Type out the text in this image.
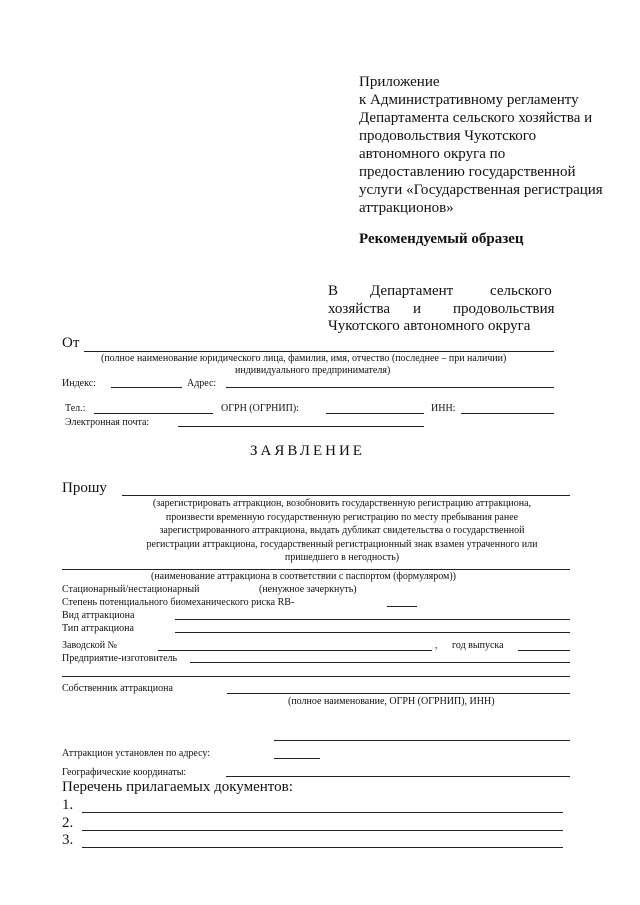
Приложение
к Административному регламенту
Департамента сельского хозяйства и
продовольствия Чукотского
автономного округа по
предоставлению государственной
услуги «Государственная регистрация
аттракционов»
Рекомендуемый образец
В Департамент сельского
хозяйства и продовольствия
Чукотского автономного округа
От
(полное наименование юридического лица, фамилия, имя, отчество (последнее – при наличии)
индивидуального предпринимателя)
Индекс:	Адрес:
Тел.:	ОГРН (ОГРНИП):	ИНН:
Электронная почта:
ЗАЯВЛЕНИЕ
Прошу
(зарегистрировать аттракцион, возобновить государственную регистрацию аттракциона,
произвести временную государственную регистрацию по месту пребывания ранее
зарегистрированного аттракциона, выдать дубликат свидетельства о государственной
регистрации аттракциона, государственный регистрационный знак взамен утраченного или
пришедшего в негодность)
(наименование аттракциона в соответствии с паспортом (формуляром))
Стационарный/нестационарный	(ненужное зачеркнуть)
Степень потенциального биомеханического риска RB-
Вид аттракциона
Тип аттракциона
Заводской №	, год выпуска
Предприятие-изготовитель
Собственник аттракциона
(полное наименование, ОГРН (ОГРНИП), ИНН)
Аттракцион установлен по адресу:
Географические координаты:
Перечень прилагаемых документов:
1.
2.
3.
